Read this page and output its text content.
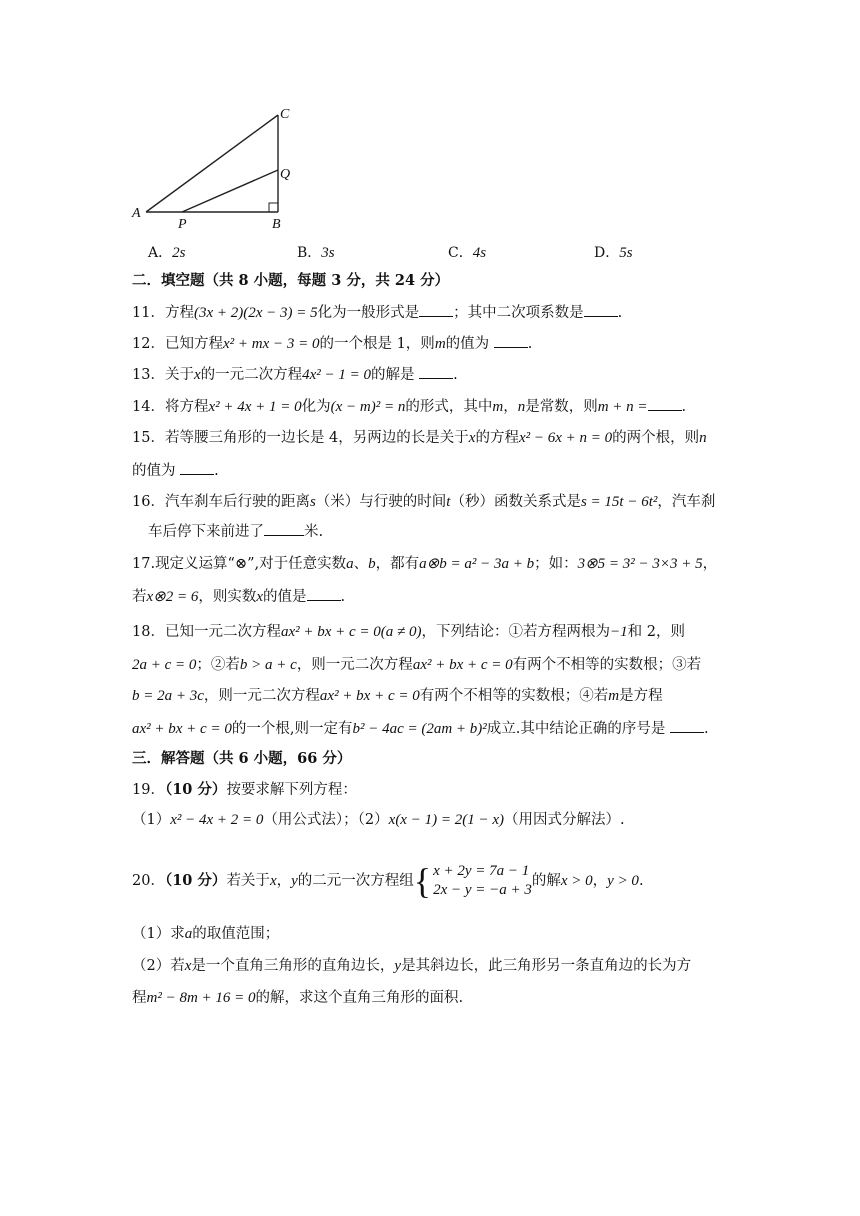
A
P	B
Q
C
A．2s	B．3s	C．4s	D．5s
二．填空题（共 8 小题，每题 3 分，共 24 分）
11．方程(3x + 2)(2x − 3) = 5化为一般形式是 ；其中二次项系数是 .
12．已知方程x² + mx − 3 = 0的一个根是 1，则m的值为	.
13．关于x的一元二次方程4x² − 1 = 0的解是	.
14．将方程x² + 4x + 1 = 0化为(x − m)² = n的形式，其中m，n是常数，则m + n = .
15．若等腰三角形的一边长是 4，另两边的长是关于x的方程x² − 6x + n = 0的两个根，则n
的值为	.
16．汽车刹车后行驶的距离s（米）与行驶的时间t（秒）函数关系式是s = 15t − 6t²，汽车刹
车后停下来前进了	米.
17.现定义运算“⊗”,对于任意实数a、b，都有a⊗b = a² − 3a + b；如：3⊗5 = 3² − 3×3 + 5，
若x⊗2 = 6，则实数x的值是 .
18．已知一元二次方程ax² + bx + c = 0(a ≠ 0)，下列结论：①若方程两根为−1和 2，则
2a + c = 0；②若b > a + c，则一元二次方程ax² + bx + c = 0有两个不相等的实数根；③若
b = 2a + 3c，则一元二次方程ax² + bx + c = 0有两个不相等的实数根；④若m是方程
ax² + bx + c = 0的一个根,则一定有b² − 4ac = (2am + b)²成立.其中结论正确的序号是	.
三．解答题（共 6 小题，66 分）
19．（10 分）按要求解下列方程：
（1）x² − 4x + 2 = 0（用公式法）；（2）x(x − 1) = 2(1 − x)（用因式分解法）.
20．（10 分）若关于x，y的二元一次方程组 { x + 2y = 7a − 1
2x − y = −a + 3
的解x > 0，y > 0.
（1）求a的取值范围；
（2）若x是一个直角三角形的直角边长，y是其斜边长，此三角形另一条直角边的长为方
程m² − 8m + 16 = 0的解，求这个直角三角形的面积.
